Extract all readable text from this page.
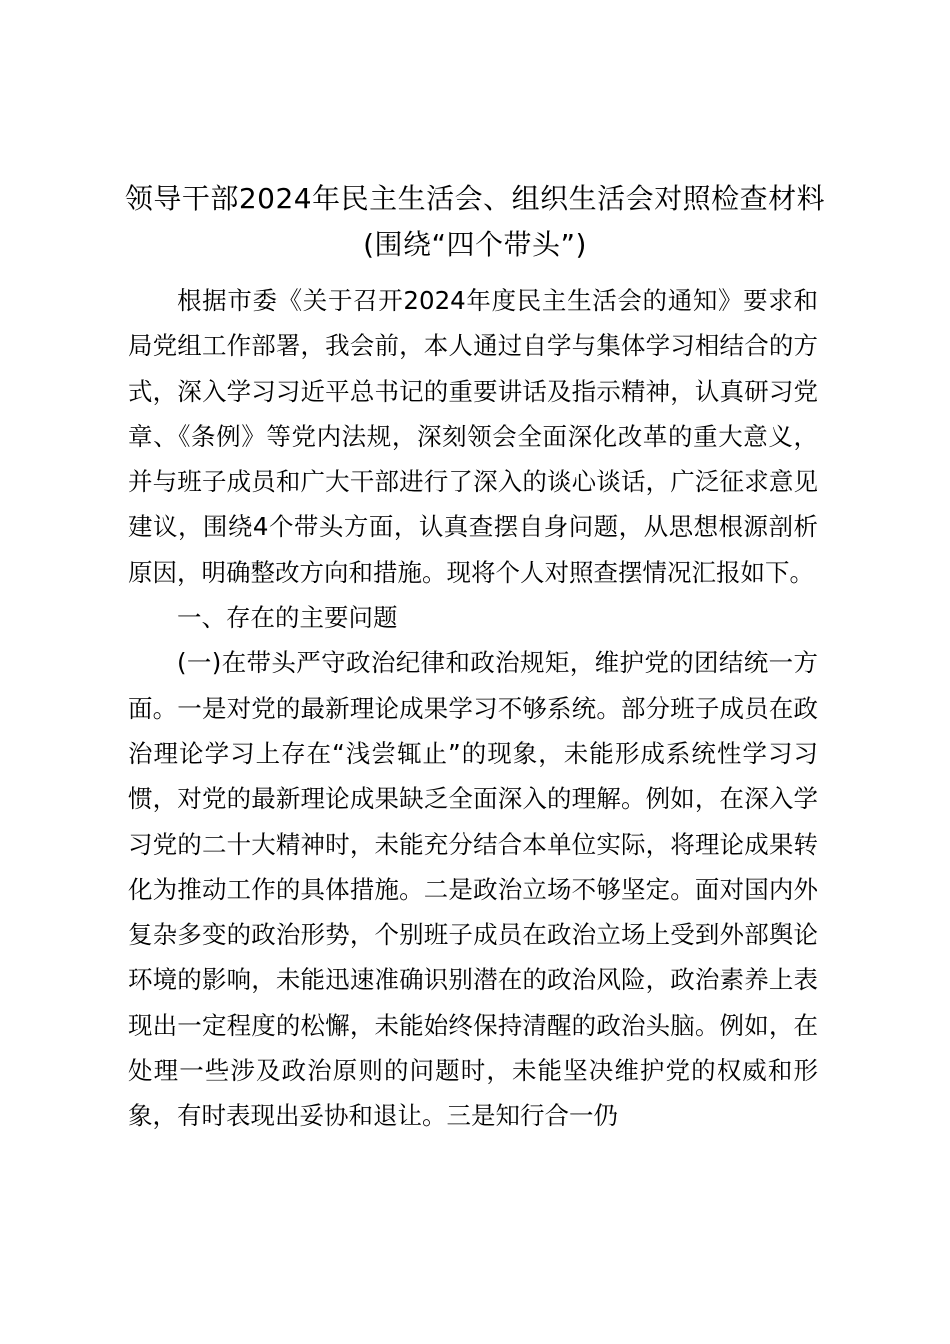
领导干部2024年民主生活会、组织生活会对照检查材料(围绕“四个带头”)

根据市委《关于召开2024年度民主生活会的通知》要求和局党组工作部署，我会前，本人通过自学与集体学习相结合的方式，深入学习习近平总书记的重要讲话及指示精神，认真研习党章、《条例》等党内法规，深刻领会全面深化改革的重大意义，并与班子成员和广大干部进行了深入的谈心谈话，广泛征求意见建议，围绕4个带头方面，认真查摆自身问题，从思想根源剖析原因，明确整改方向和措施。现将个人对照查摆情况汇报如下。

一、存在的主要问题

(一)在带头严守政治纪律和政治规矩，维护党的团结统一方面。一是对党的最新理论成果学习不够系统。部分班子成员在政治理论学习上存在“浅尝辄止”的现象，未能形成系统性学习习惯，对党的最新理论成果缺乏全面深入的理解。例如，在深入学习党的二十大精神时，未能充分结合本单位实际，将理论成果转化为推动工作的具体措施。二是政治立场不够坚定。面对国内外复杂多变的政治形势，个别班子成员在政治立场上受到外部舆论环境的影响，未能迅速准确识别潜在的政治风险，政治素养上表现出一定程度的松懈，未能始终保持清醒的政治头脑。例如，在处理一些涉及政治原则的问题时，未能坚决维护党的权威和形象，有时表现出妥协和退让。三是知行合一仍
